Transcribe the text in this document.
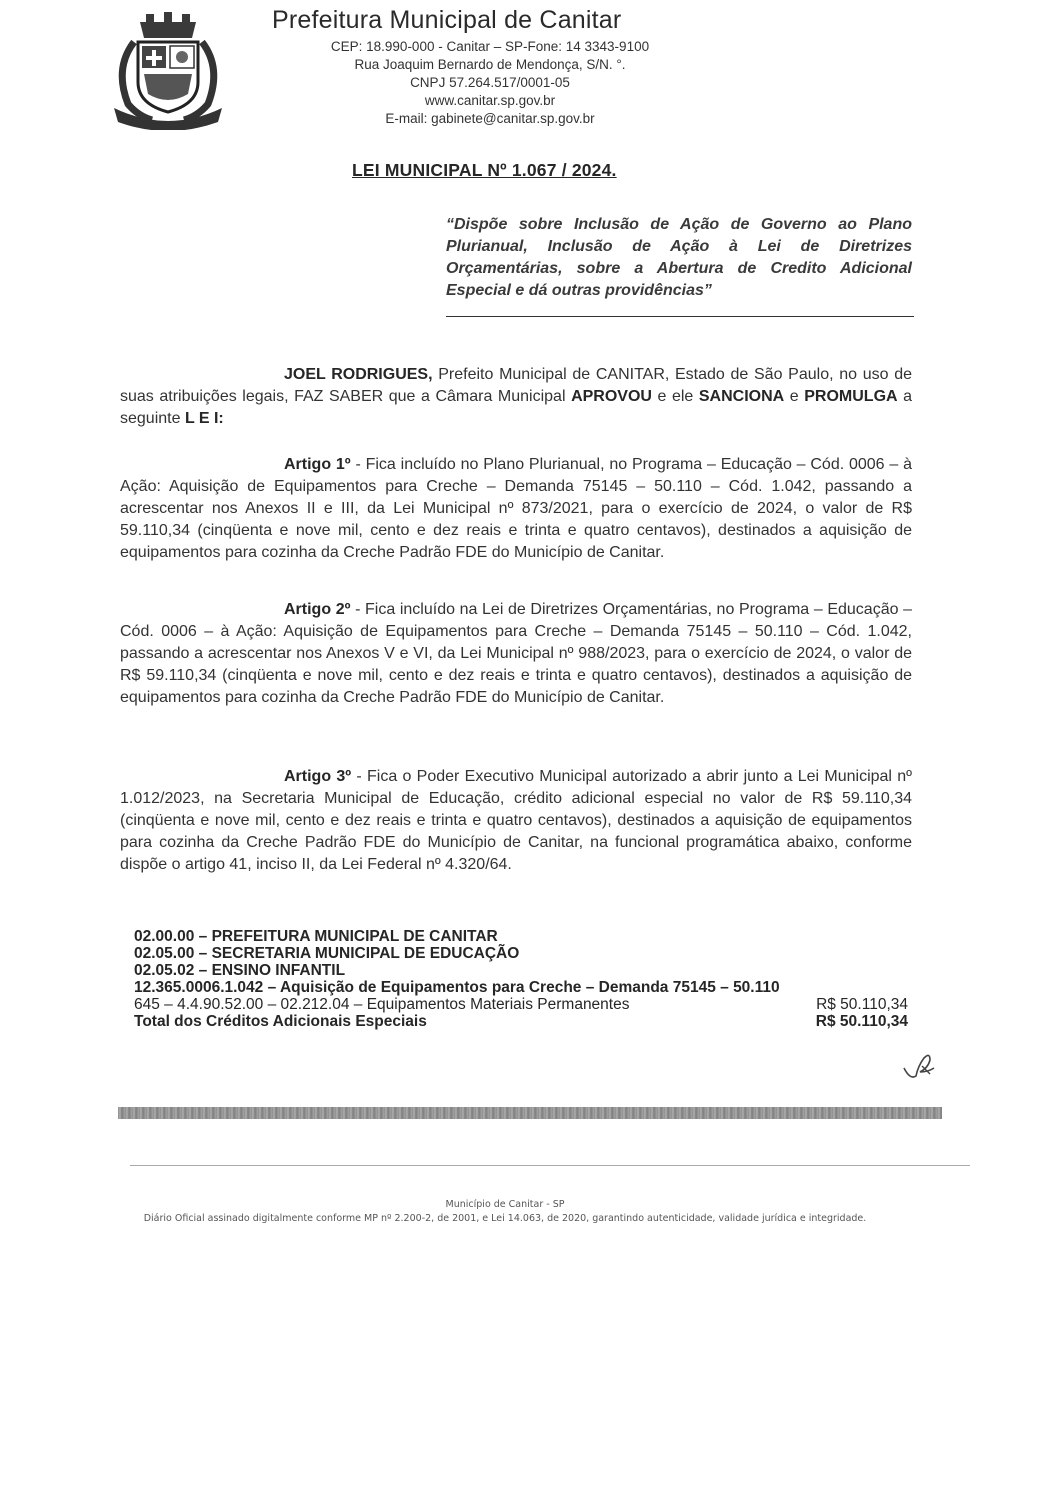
Prefeitura Municipal de Canitar
CEP: 18.990-000 - Canitar – SP-Fone: 14 3343-9100
Rua Joaquim Bernardo de Mendonça, S/N. °.
CNPJ 57.264.517/0001-05
www.canitar.sp.gov.br
E-mail: gabinete@canitar.sp.gov.br
LEI MUNICIPAL Nº 1.067 / 2024.
“Dispõe sobre Inclusão de Ação de Governo ao Plano Plurianual, Inclusão de Ação à Lei de Diretrizes Orçamentárias, sobre a Abertura de Credito Adicional Especial e dá outras providências”
JOEL RODRIGUES, Prefeito Municipal de CANITAR, Estado de São Paulo, no uso de suas atribuições legais, FAZ SABER que a Câmara Municipal APROVOU e ele SANCIONA e PROMULGA a seguinte L E I:
Artigo 1º - Fica incluído no Plano Plurianual, no Programa – Educação – Cód. 0006 – à Ação: Aquisição de Equipamentos para Creche – Demanda 75145 – 50.110 – Cód. 1.042, passando a acrescentar nos Anexos II e III, da Lei Municipal nº 873/2021, para o exercício de 2024, o valor de R$ 59.110,34 (cinqüenta e nove mil, cento e dez reais e trinta e quatro centavos), destinados a aquisição de equipamentos para cozinha da Creche Padrão FDE do Município de Canitar.
Artigo 2º - Fica incluído na Lei de Diretrizes Orçamentárias, no Programa – Educação – Cód. 0006 – à Ação: Aquisição de Equipamentos para Creche – Demanda 75145 – 50.110 – Cód. 1.042, passando a acrescentar nos Anexos V e VI, da Lei Municipal nº 988/2023, para o exercício de 2024, o valor de R$ 59.110,34 (cinqüenta e nove mil, cento e dez reais e trinta e quatro centavos), destinados a aquisição de equipamentos para cozinha da Creche Padrão FDE do Município de Canitar.
Artigo 3º - Fica o Poder Executivo Municipal autorizado a abrir junto a Lei Municipal nº 1.012/2023, na Secretaria Municipal de Educação, crédito adicional especial no valor de R$ 59.110,34 (cinqüenta e nove mil, cento e dez reais e trinta e quatro centavos), destinados a aquisição de equipamentos para cozinha da Creche Padrão FDE do Município de Canitar, na funcional programática abaixo, conforme dispõe o artigo 41, inciso II, da Lei Federal nº 4.320/64.
02.00.00 – PREFEITURA MUNICIPAL DE CANITAR
02.05.00 – SECRETARIA MUNICIPAL DE EDUCAÇÃO
02.05.02 – ENSINO INFANTIL
12.365.0006.1.042 – Aquisição de Equipamentos para Creche – Demanda 75145 – 50.110
645 – 4.4.90.52.00 – 02.212.04 – Equipamentos Materiais Permanentes	R$ 50.110,34
Total dos Créditos Adicionais Especiais	R$ 50.110,34
Município de Canitar - SP
Diário Oficial assinado digitalmente conforme MP nº 2.200-2, de 2001, e Lei 14.063, de 2020, garantindo autenticidade, validade jurídica e integridade.
